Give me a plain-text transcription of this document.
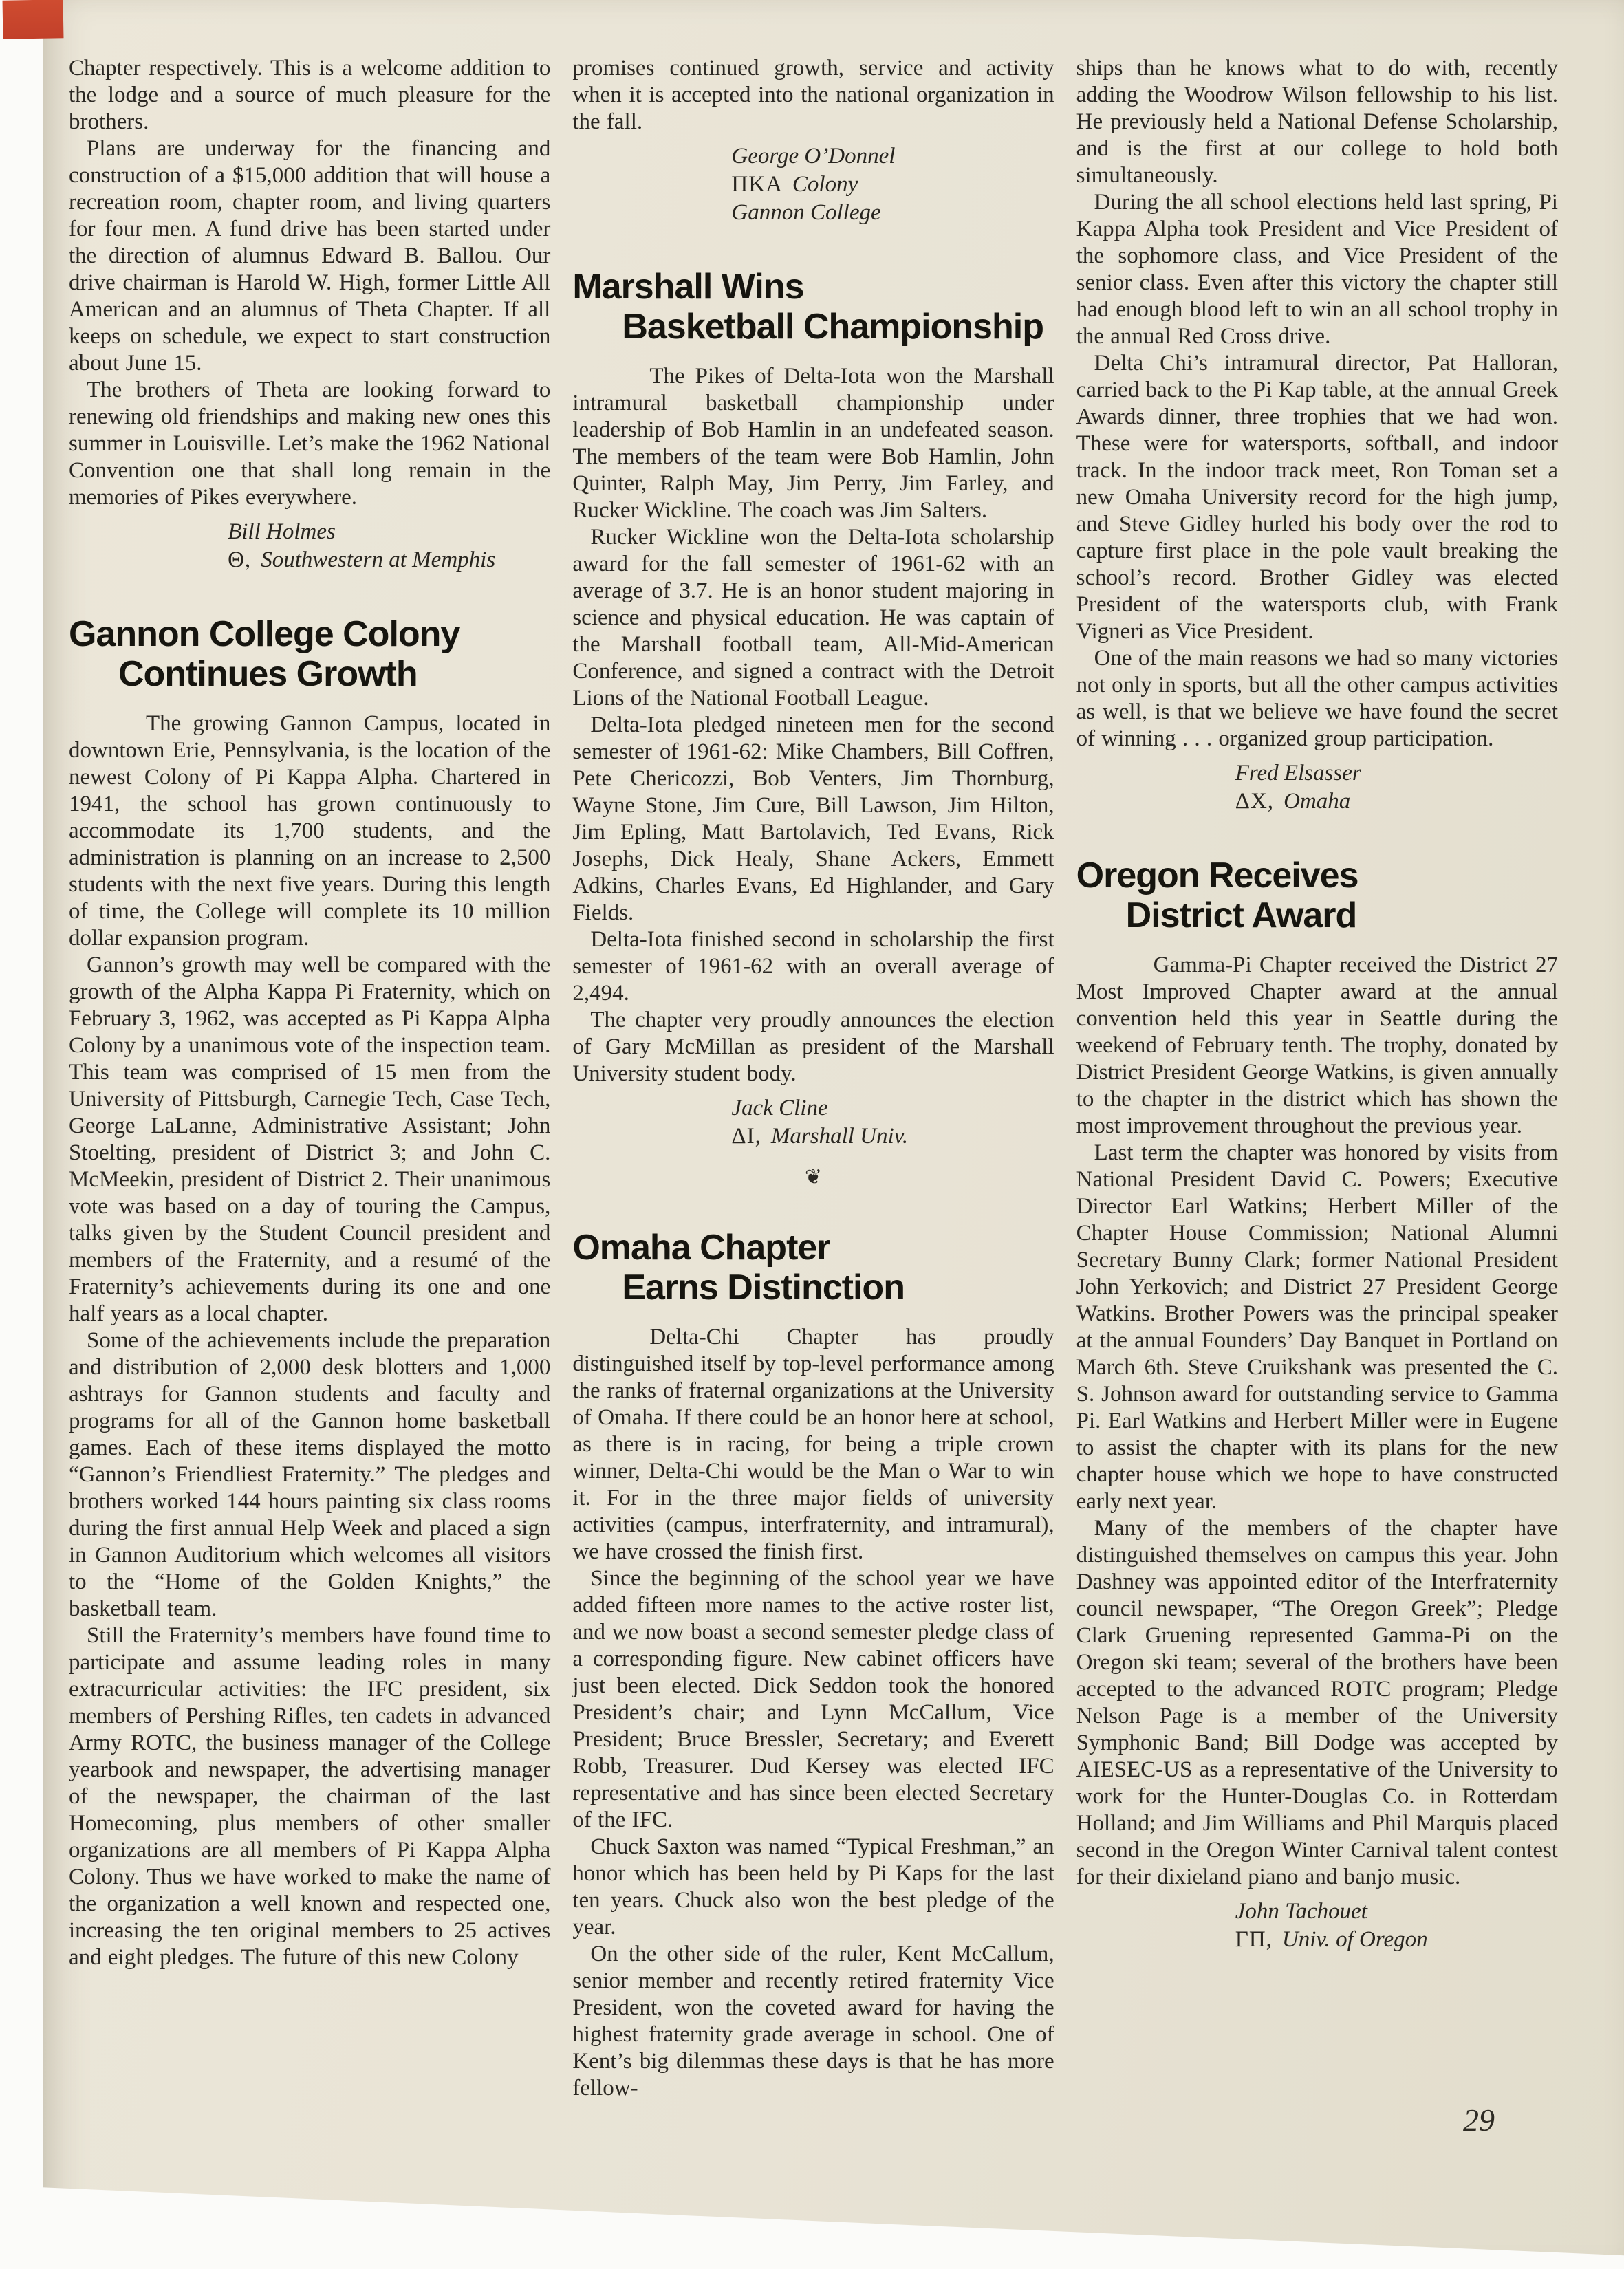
Chapter respectively. This is a welcome addition to the lodge and a source of much pleasure for the brothers.

Plans are underway for the financing and construction of a $15,000 addition that will house a recreation room, chapter room, and living quarters for four men. A fund drive has been started under the direction of alumnus Edward B. Ballou. Our drive chairman is Harold W. High, former Little All American and an alumnus of Theta Chapter. If all keeps on schedule, we expect to start construction about June 15.

The brothers of Theta are looking forward to renewing old friendships and making new ones this summer in Louisville. Let’s make the 1962 National Convention one that shall long remain in the memories of Pikes everywhere.

Bill Holmes
Θ, Southwestern at Memphis
Gannon College Colony
Continues Growth

The growing Gannon Campus, located in downtown Erie, Pennsylvania, is the location of the newest Colony of Pi Kappa Alpha. Chartered in 1941, the school has grown continuously to accommodate its 1,700 students, and the administration is planning on an increase to 2,500 students with the next five years. During this length of time, the College will complete its 10 million dollar expansion program.

Gannon’s growth may well be compared with the growth of the Alpha Kappa Pi Fraternity, which on February 3, 1962, was accepted as Pi Kappa Alpha Colony by a unanimous vote of the inspection team. This team was comprised of 15 men from the University of Pittsburgh, Carnegie Tech, Case Tech, George LaLanne, Administrative Assistant; John Stoelting, president of District 3; and John C. McMeekin, president of District 2. Their unanimous vote was based on a day of touring the Campus, talks given by the Student Council president and members of the Fraternity, and a resumé of the Fraternity’s achievements during its one and one half years as a local chapter.

Some of the achievements include the preparation and distribution of 2,000 desk blotters and 1,000 ashtrays for Gannon students and faculty and programs for all of the Gannon home basketball games. Each of these items displayed the motto “Gannon’s Friendliest Fraternity.” The pledges and brothers worked 144 hours painting six class rooms during the first annual Help Week and placed a sign in Gannon Auditorium which welcomes all visitors to the “Home of the Golden Knights,” the basketball team.

Still the Fraternity’s members have found time to participate and assume leading roles in many extracurricular activities: the IFC president, six members of Pershing Rifles, ten cadets in advanced Army ROTC, the business manager of the College yearbook and newspaper, the advertising manager of the newspaper, the chairman of the last Homecoming, plus members of other smaller organizations are all members of Pi Kappa Alpha Colony. Thus we have worked to make the name of the organization a well known and respected one, increasing the ten original members to 25 actives and eight pledges. The future of this new Colony

promises continued growth, service and activity when it is accepted into the national organization in the fall.

George O’Donnel
ΠKA Colony
Gannon College
Marshall Wins
Basketball Championship

The Pikes of Delta-Iota won the Marshall intramural basketball championship under leadership of Bob Hamlin in an undefeated season. The members of the team were Bob Hamlin, John Quinter, Ralph May, Jim Perry, Jim Farley, and Rucker Wickline. The coach was Jim Salters.

Rucker Wickline won the Delta-Iota scholarship award for the fall semester of 1961-62 with an average of 3.7. He is an honor student majoring in science and physical education. He was captain of the Marshall football team, All-Mid-American Conference, and signed a contract with the Detroit Lions of the National Football League.

Delta-Iota pledged nineteen men for the second semester of 1961-62: Mike Chambers, Bill Coffren, Pete Chericozzi, Bob Venters, Jim Thornburg, Wayne Stone, Jim Cure, Bill Lawson, Jim Hilton, Jim Epling, Matt Bartolavich, Ted Evans, Rick Josephs, Dick Healy, Shane Ackers, Emmett Adkins, Charles Evans, Ed Highlander, and Gary Fields.

Delta-Iota finished second in scholarship the first semester of 1961-62 with an overall average of 2,494.

The chapter very proudly announces the election of Gary McMillan as president of the Marshall University student body.

Jack Cline
ΔI, Marshall Univ.
❦
Omaha Chapter
Earns Distinction

Delta-Chi Chapter has proudly distinguished itself by top-level performance among the ranks of fraternal organizations at the University of Omaha. If there could be an honor here at school, as there is in racing, for being a triple crown winner, Delta-Chi would be the Man o War to win it. For in the three major fields of university activities (campus, interfraternity, and intramural), we have crossed the finish first.

Since the beginning of the school year we have added fifteen more names to the active roster list, and we now boast a second semester pledge class of a corresponding figure. New cabinet officers have just been elected. Dick Seddon took the honored President’s chair; and Lynn McCallum, Vice President; Bruce Bressler, Secretary; and Everett Robb, Treasurer. Dud Kersey was elected IFC representative and has since been elected Secretary of the IFC.

Chuck Saxton was named “Typical Freshman,” an honor which has been held by Pi Kaps for the last ten years. Chuck also won the best pledge of the year.

On the other side of the ruler, Kent McCallum, senior member and recently retired fraternity Vice President, won the coveted award for having the highest fraternity grade average in school. One of Kent’s big dilemmas these days is that he has more fellow-

ships than he knows what to do with, recently adding the Woodrow Wilson fellowship to his list. He previously held a National Defense Scholarship, and is the first at our college to hold both simultaneously.

During the all school elections held last spring, Pi Kappa Alpha took President and Vice President of the sophomore class, and Vice President of the senior class. Even after this victory the chapter still had enough blood left to win an all school trophy in the annual Red Cross drive.

Delta Chi’s intramural director, Pat Halloran, carried back to the Pi Kap table, at the annual Greek Awards dinner, three trophies that we had won. These were for watersports, softball, and indoor track. In the indoor track meet, Ron Toman set a new Omaha University record for the high jump, and Steve Gidley hurled his body over the rod to capture first place in the pole vault breaking the school’s record. Brother Gidley was elected President of the watersports club, with Frank Vigneri as Vice President.

One of the main reasons we had so many victories not only in sports, but all the other campus activities as well, is that we believe we have found the secret of winning . . . organized group participation.

Fred Elsasser
ΔX, Omaha
Oregon Receives
District Award

Gamma-Pi Chapter received the District 27 Most Improved Chapter award at the annual convention held this year in Seattle during the weekend of February tenth. The trophy, donated by District President George Watkins, is given annually to the chapter in the district which has shown the most improvement throughout the previous year.

Last term the chapter was honored by visits from National President David C. Powers; Executive Director Earl Watkins; Herbert Miller of the Chapter House Commission; National Alumni Secretary Bunny Clark; former National President John Yerkovich; and District 27 President George Watkins. Brother Powers was the principal speaker at the annual Founders’ Day Banquet in Portland on March 6th. Steve Cruikshank was presented the C. S. Johnson award for outstanding service to Gamma Pi. Earl Watkins and Herbert Miller were in Eugene to assist the chapter with its plans for the new chapter house which we hope to have constructed early next year.

Many of the members of the chapter have distinguished themselves on campus this year. John Dashney was appointed editor of the Interfraternity council newspaper, “The Oregon Greek”; Pledge Clark Gruening represented Gamma-Pi on the Oregon ski team; several of the brothers have been accepted to the advanced ROTC program; Pledge Nelson Page is a member of the University Symphonic Band; Bill Dodge was accepted by AIESEC-US as a representative of the University to work for the Hunter-Douglas Co. in Rotterdam Holland; and Jim Williams and Phil Marquis placed second in the Oregon Winter Carnival talent contest for their dixieland piano and banjo music.

John Tachouet
ΓΠ, Univ. of Oregon
29
